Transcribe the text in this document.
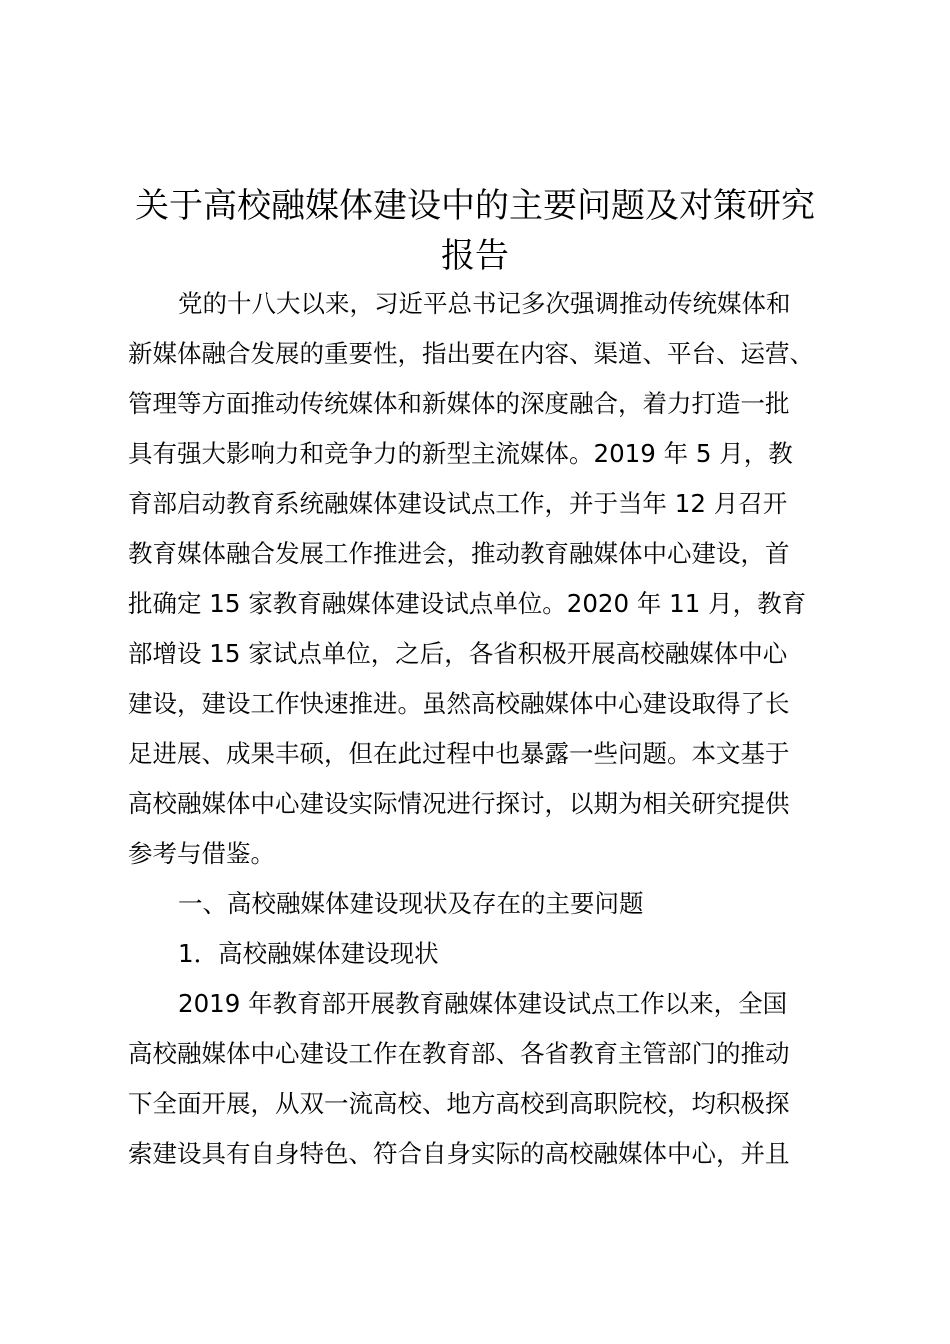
关于高校融媒体建设中的主要问题及对策研究
报告
党的十八大以来，习近平总书记多次强调推动传统媒体和
新媒体融合发展的重要性，指出要在内容、渠道、平台、运营、
管理等方面推动传统媒体和新媒体的深度融合，着力打造一批
具有强大影响力和竞争力的新型主流媒体。2019 年 5 月，教
育部启动教育系统融媒体建设试点工作，并于当年 12 月召开
教育媒体融合发展工作推进会，推动教育融媒体中心建设，首
批确定 15 家教育融媒体建设试点单位。2020 年 11 月，教育
部增设 15 家试点单位，之后，各省积极开展高校融媒体中心
建设，建设工作快速推进。虽然高校融媒体中心建设取得了长
足进展、成果丰硕，但在此过程中也暴露一些问题。本文基于
高校融媒体中心建设实际情况进行探讨，以期为相关研究提供
参考与借鉴。
一、高校融媒体建设现状及存在的主要问题
1．高校融媒体建设现状
2019 年教育部开展教育融媒体建设试点工作以来，全国
高校融媒体中心建设工作在教育部、各省教育主管部门的推动
下全面开展，从双一流高校、地方高校到高职院校，均积极探
索建设具有自身特色、符合自身实际的高校融媒体中心，并且
